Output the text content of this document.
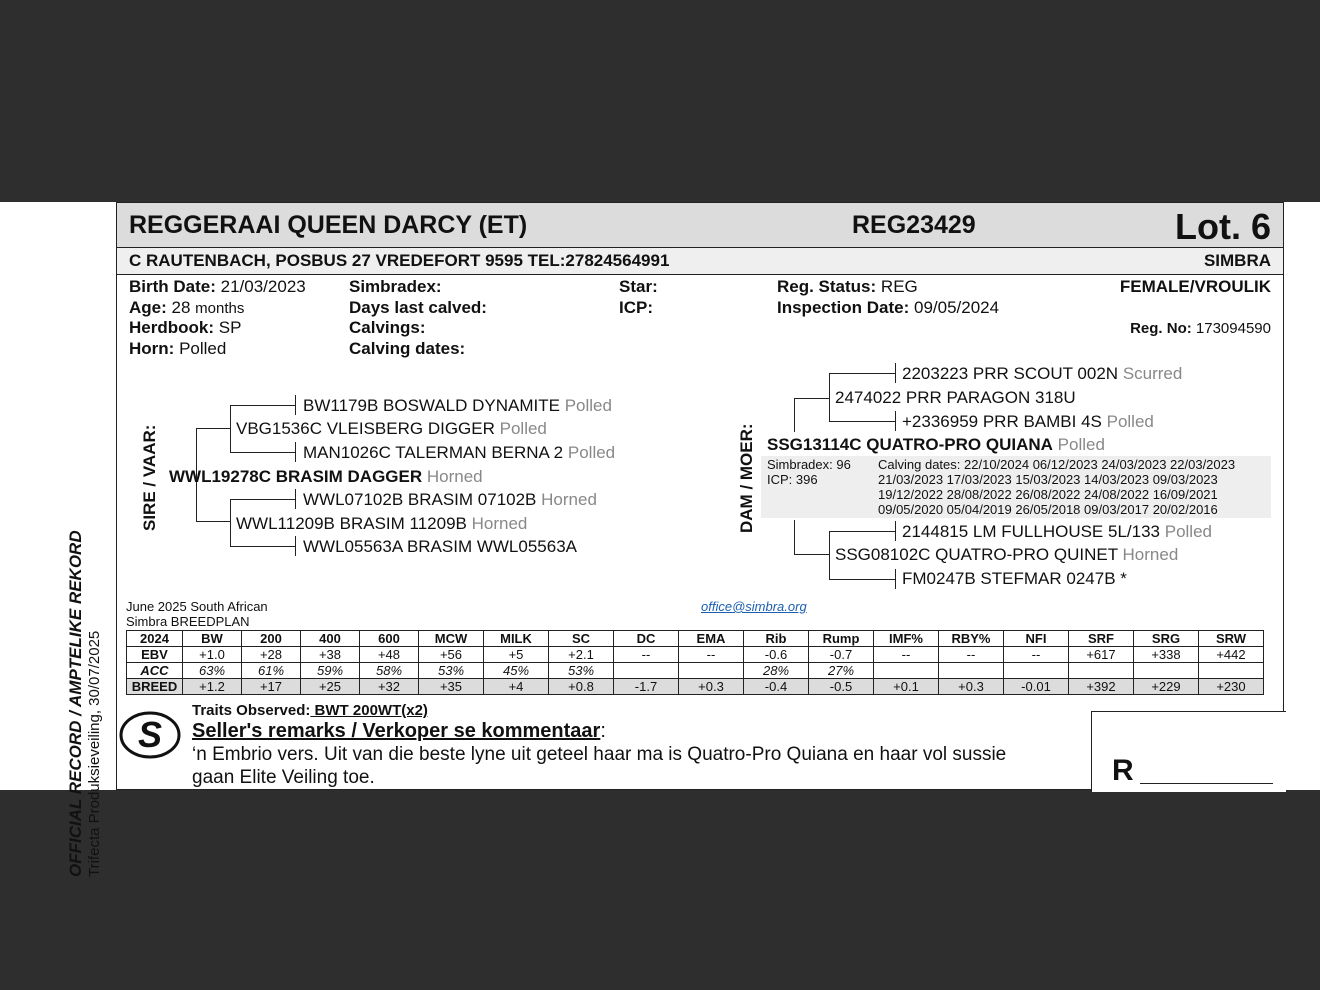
OFFICIAL RECORD / AMPTELIKE REKORD Trifecta Produksieveiling, 30/07/2025
REGGERAAI QUEEN DARCY (ET)	REG23429	Lot. 6
C RAUTENBACH, POSBUS 27 VREDEFORT 9595 TEL:27824564991	SIMBRA
Birth Date: 21/03/2023
Age: 28 months
Herdbook: SP
Horn: Polled
Simbradex:
Days last calved:
Calvings:
Calving dates:
Star:
ICP:
Reg. Status: REG
Inspection Date: 09/05/2024
FEMALE/VROULIK
Reg. No: 173094590
SIRE / VAAR:
BW1179B BOSWALD DYNAMITE Polled
VBG1536C VLEISBERG DIGGER Polled
MAN1026C TALERMAN BERNA 2 Polled
WWL19278C BRASIM DAGGER Horned
WWL07102B BRASIM 07102B Horned
WWL11209B BRASIM 11209B Horned
WWL05563A BRASIM WWL05563A
DAM / MOER:
2203223 PRR SCOUT 002N Scurred
2474022 PRR PARAGON 318U
+2336959 PRR BAMBI 4S Polled
SSG13114C QUATRO-PRO QUIANA Polled
Simbradex: 96
ICP: 396
Calving dates: 22/10/2024 06/12/2023 24/03/2023 22/03/2023
21/03/2023 17/03/2023 15/03/2023 14/03/2023 09/03/2023
19/12/2022 28/08/2022 26/08/2022 24/08/2022 16/09/2021
09/05/2020 05/04/2019 26/05/2018 09/03/2017 20/02/2016
2144815 LM FULLHOUSE 5L/133 Polled
SSG08102C QUATRO-PRO QUINET Horned
FM0247B STEFMAR 0247B *
June 2025 South African
Simbra BREEDPLAN
office@simbra.org
2024	BW	200	400	600	MCW	MILK	SC	DC	EMA	Rib	Rump	IMF%	RBY%	NFI	SRF	SRG	SRW
EBV	+1.0	+28	+38	+48	+56	+5	+2.1	--	--	-0.6	-0.7	--	--	--	+617	+338	+442
ACC	63%	61%	59%	58%	53%	45%	53%			28%	27%						
BREED	+1.2	+17	+25	+32	+35	+4	+0.8	-1.7	+0.3	-0.4	-0.5	+0.1	+0.3	-0.01	+392	+229	+230
S
Traits Observed: BWT 200WT(x2)
Seller's remarks / Verkoper se kommentaar:
‘n Embrio vers. Uit van die beste lyne uit geteel haar ma is Quatro-Pro Quiana en haar vol sussie
gaan Elite Veiling toe.	R
